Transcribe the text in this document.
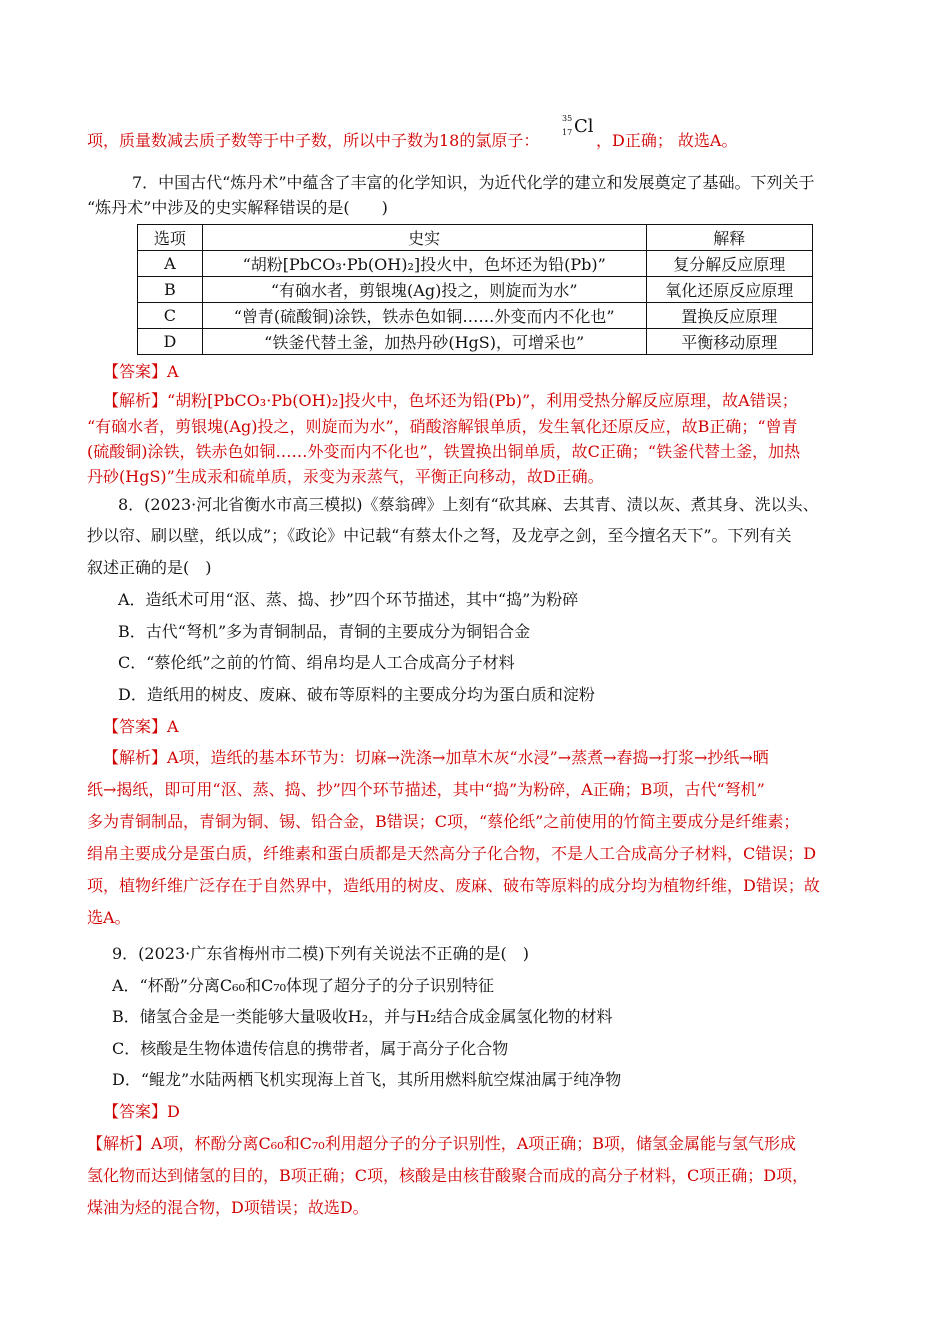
项，质量数减去质子数等于中子数，所以中子数为18的氯原子：
35
17 Cl
，D正确； 故选A。
7．中国古代“炼丹术”中蕴含了丰富的化学知识，为近代化学的建立和发展奠定了基础。下列关于
“炼丹术”中涉及的史实解释错误的是(　　)
选项	史实	解释
A	“胡粉[PbCO₃·Pb(OH)₂]投火中，色坏还为铅(Pb)”	复分解反应原理
B	“有硇水者，剪银塊(Ag)投之，则旋而为水”	氧化还原反应原理
C	“曾青(硫酸铜)涂铁，铁赤色如铜……外变而内不化也”	置换反应原理
D	“铁釜代替土釜，加热丹砂(HgS)，可增采也”	平衡移动原理
【答案】A
【解析】“胡粉[PbCO₃·Pb(OH)₂]投火中，色坏还为铅(Pb)”，利用受热分解反应原理，故A错误；
“有硇水者，剪银塊(Ag)投之，则旋而为水”，硝酸溶解银单质，发生氧化还原反应，故B正确；“曾青
(硫酸铜)涂铁，铁赤色如铜……外变而内不化也”，铁置换出铜单质，故C正确；“铁釜代替土釜，加热
丹砂(HgS)”生成汞和硫单质，汞变为汞蒸气，平衡正向移动，故D正确。
8．(2023·河北省衡水市高三模拟)《蔡翁碑》上刻有“砍其麻、去其青、渍以灰、煮其身、洗以头、
抄以帘、刷以壁，纸以成”；《政论》中记载“有蔡太仆之弩，及龙亭之剑，至今擅名天下”。下列有关
叙述正确的是(　)
A．造纸术可用“沤、蒸、捣、抄”四个环节描述，其中“捣”为粉碎
B．古代“弩机”多为青铜制品，青铜的主要成分为铜铝合金
C．“蔡伦纸”之前的竹简、绢帛均是人工合成高分子材料
D．造纸用的树皮、废麻、破布等原料的主要成分均为蛋白质和淀粉
【答案】A
【解析】A项，造纸的基本环节为：切麻→洗涤→加草木灰“水浸”→蒸煮→舂捣→打浆→抄纸→晒
纸→揭纸，即可用“沤、蒸、捣、抄”四个环节描述，其中“捣”为粉碎，A正确；B项，古代“弩机”
多为青铜制品，青铜为铜、锡、铅合金，B错误；C项，“蔡伦纸”之前使用的竹简主要成分是纤维素；
绢帛主要成分是蛋白质，纤维素和蛋白质都是天然高分子化合物，不是人工合成高分子材料，C错误；D
项，植物纤维广泛存在于自然界中，造纸用的树皮、废麻、破布等原料的成分均为植物纤维，D错误；故
选A。
9．(2023·广东省梅州市二模)下列有关说法不正确的是(　)
A．“杯酚”分离C₆₀和C₇₀体现了超分子的分子识别特征
B．储氢合金是一类能够大量吸收H₂，并与H₂结合成金属氢化物的材料
C．核酸是生物体遗传信息的携带者，属于高分子化合物
D．“鲲龙”水陆两栖飞机实现海上首飞，其所用燃料航空煤油属于纯净物
【答案】D
【解析】A项，杯酚分离C₆₀和C₇₀利用超分子的分子识别性，A项正确；B项，储氢金属能与氢气形成
氢化物而达到储氢的目的，B项正确；C项，核酸是由核苷酸聚合而成的高分子材料，C项正确；D项，
煤油为烃的混合物，D项错误；故选D。
